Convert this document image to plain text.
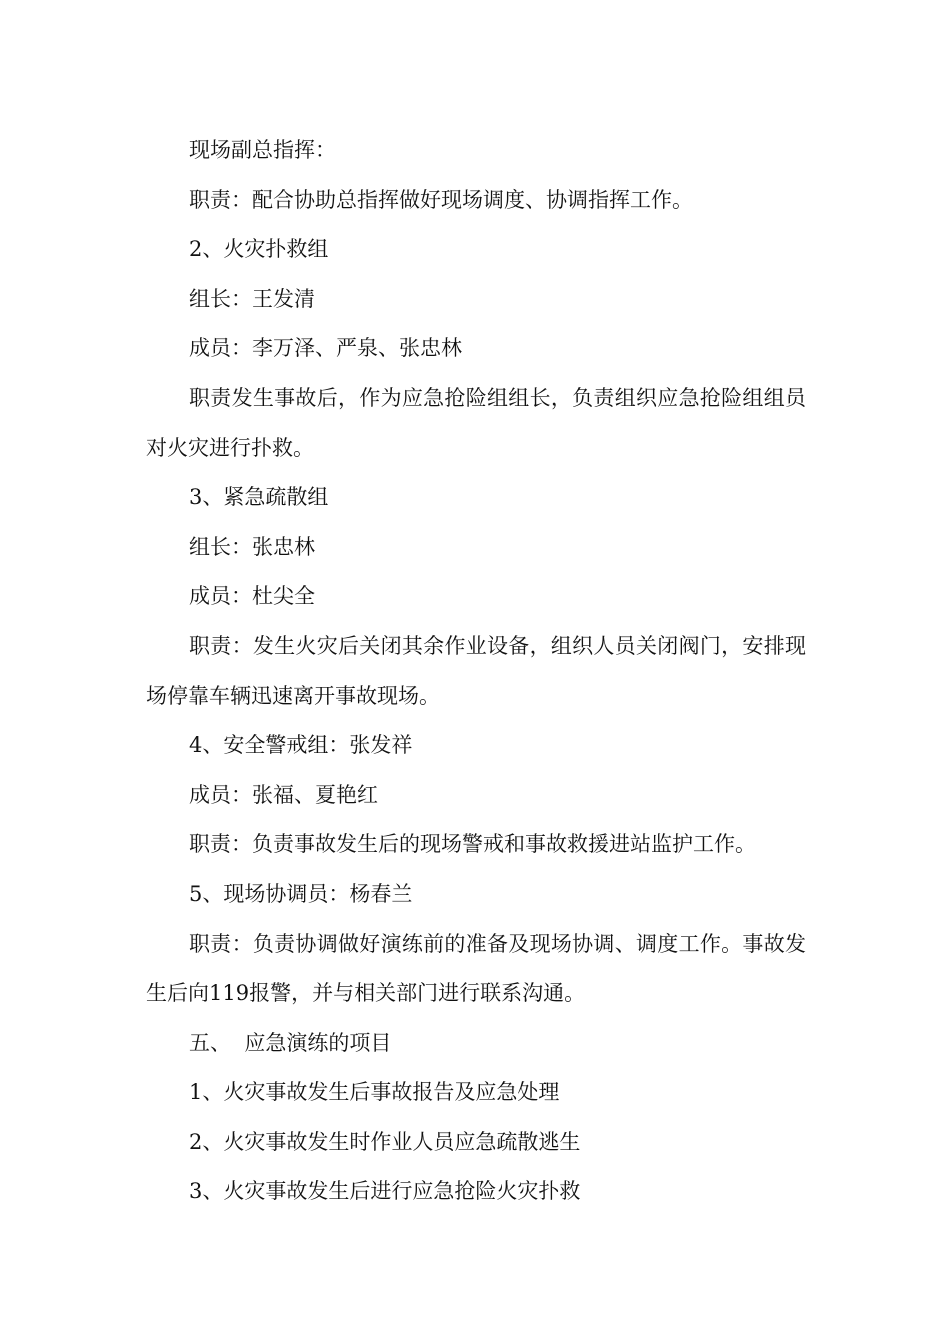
现场副总指挥：

职责：配合协助总指挥做好现场调度、协调指挥工作。

2、火灾扑救组

组长：王发清

成员：李万泽、严泉、张忠林

职责发生事故后，作为应急抢险组组长，负责组织应急抢险组组员对火灾进行扑救。

3、紧急疏散组

组长：张忠林

成员：杜尖全

职责：发生火灾后关闭其余作业设备，组织人员关闭阀门，安排现场停靠车辆迅速离开事故现场。

4、安全警戒组：张发祥

成员：张福、夏艳红

职责：负责事故发生后的现场警戒和事故救援进站监护工作。

5、现场协调员：杨春兰

职责：负责协调做好演练前的准备及现场协调、调度工作。事故发生后向119报警，并与相关部门进行联系沟通。

五、  应急演练的项目

1、火灾事故发生后事故报告及应急处理

2、火灾事故发生时作业人员应急疏散逃生

3、火灾事故发生后进行应急抢险火灾扑救
